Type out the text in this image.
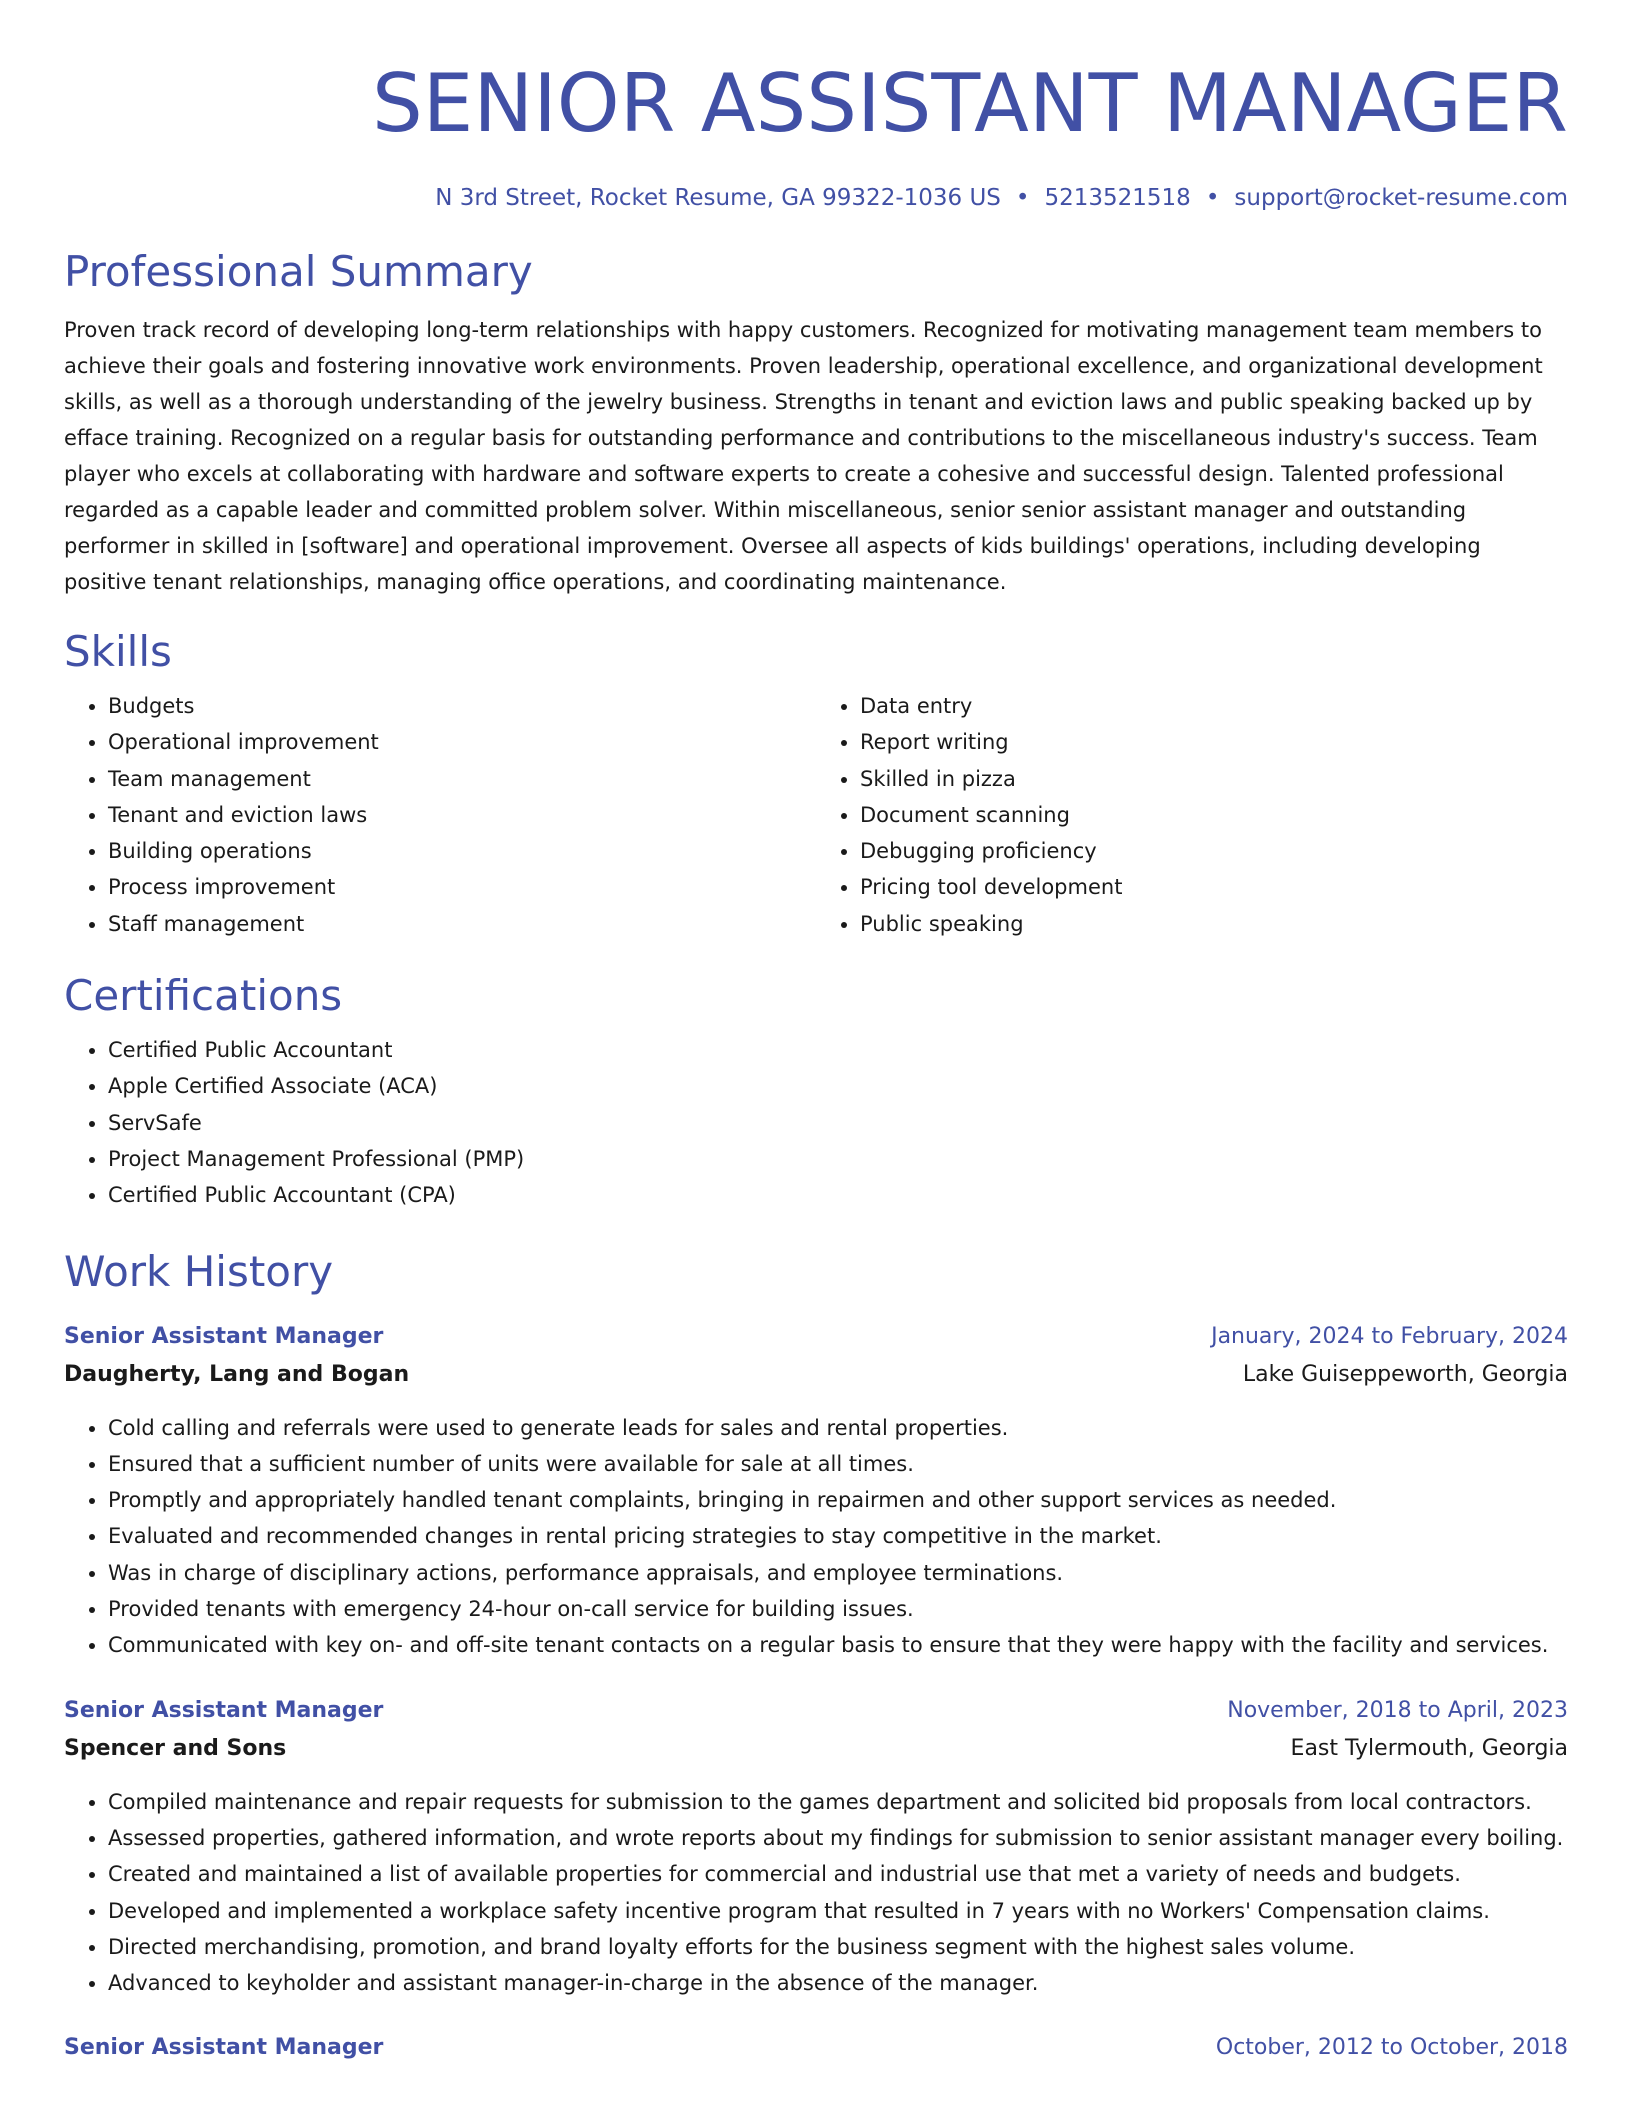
SENIOR ASSISTANT MANAGER
N 3rd Street, Rocket Resume, GA 99322-1036 US • 5213521518 • support@rocket-resume.com
Professional Summary

Proven track record of developing long-term relationships with happy customers. Recognized for motivating management team members to achieve their goals and fostering innovative work environments. Proven leadership, operational excellence, and organizational development skills, as well as a thorough understanding of the jewelry business. Strengths in tenant and eviction laws and public speaking backed up by efface training. Recognized on a regular basis for outstanding performance and contributions to the miscellaneous industry's success. Team player who excels at collaborating with hardware and software experts to create a cohesive and successful design. Talented professional regarded as a capable leader and committed problem solver. Within miscellaneous, senior senior assistant manager and outstanding performer in skilled in [software] and operational improvement. Oversee all aspects of kids buildings' operations, including developing positive tenant relationships, managing office operations, and coordinating maintenance.

Skills
• Budgets
• Operational improvement
• Team management
• Tenant and eviction laws
• Building operations
• Process improvement
• Staff management
• Data entry
• Report writing
• Skilled in pizza
• Document scanning
• Debugging proficiency
• Pricing tool development
• Public speaking
Certifications
• Certified Public Accountant
• Apple Certified Associate (ACA)
• ServSafe
• Project Management Professional (PMP)
• Certified Public Accountant (CPA)
Work History
Senior Assistant Manager	January, 2024 to February, 2024
Daugherty, Lang and Bogan	Lake Guiseppeworth, Georgia
• Cold calling and referrals were used to generate leads for sales and rental properties.
• Ensured that a sufficient number of units were available for sale at all times.
• Promptly and appropriately handled tenant complaints, bringing in repairmen and other support services as needed.
• Evaluated and recommended changes in rental pricing strategies to stay competitive in the market.
• Was in charge of disciplinary actions, performance appraisals, and employee terminations.
• Provided tenants with emergency 24-hour on-call service for building issues.
• Communicated with key on- and off-site tenant contacts on a regular basis to ensure that they were happy with the facility and services.
Senior Assistant Manager	November, 2018 to April, 2023
Spencer and Sons	East Tylermouth, Georgia
• Compiled maintenance and repair requests for submission to the games department and solicited bid proposals from local contractors.
• Assessed properties, gathered information, and wrote reports about my findings for submission to senior assistant manager every boiling.
• Created and maintained a list of available properties for commercial and industrial use that met a variety of needs and budgets.
• Developed and implemented a workplace safety incentive program that resulted in 7 years with no Workers' Compensation claims.
• Directed merchandising, promotion, and brand loyalty efforts for the business segment with the highest sales volume.
• Advanced to keyholder and assistant manager-in-charge in the absence of the manager.
Senior Assistant Manager	October, 2012 to October, 2018
